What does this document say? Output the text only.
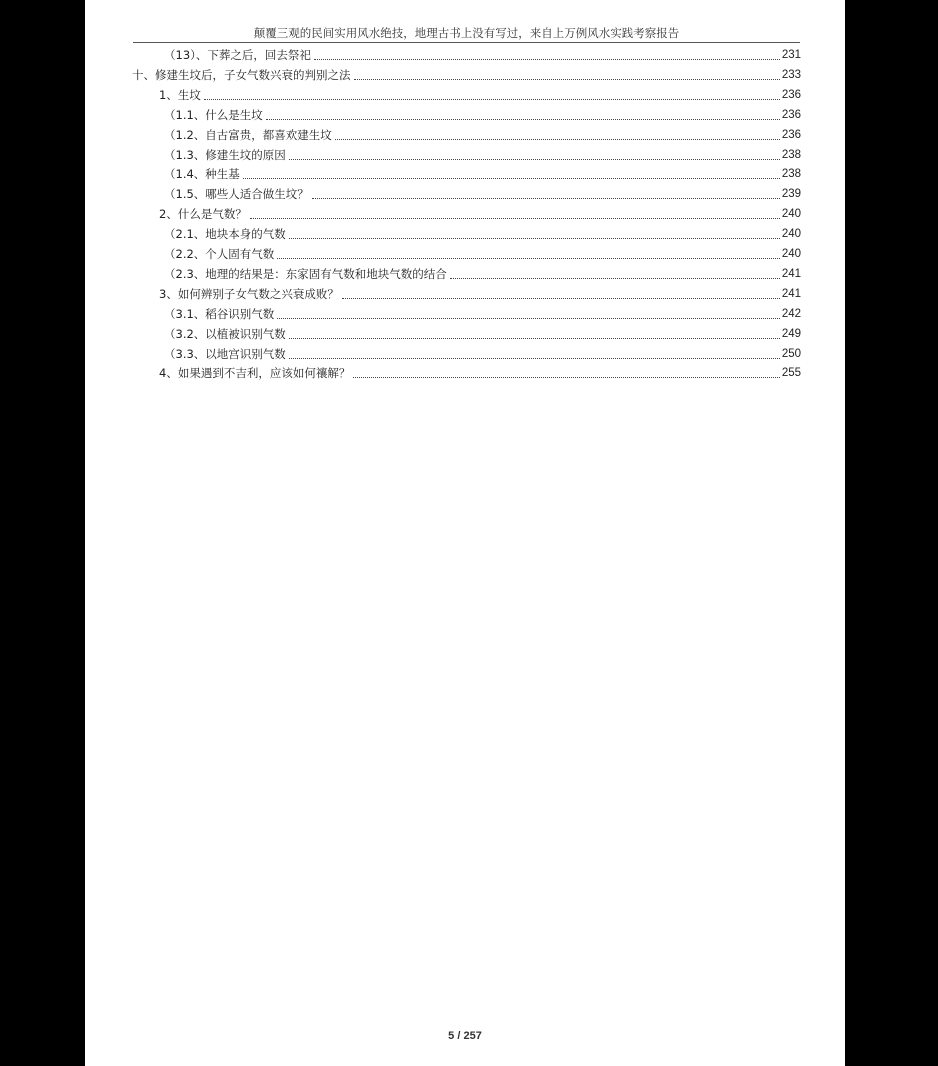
颠覆三观的民间实用风水绝技，地理古书上没有写过，来自上万例风水实践考察报告
（13）、下葬之后，回去祭祀	231
十、修建生坟后，子女气数兴衰的判别之法	233
1、生坟	236
（1.1、什么是生坟	236
（1.2、自古富贵，都喜欢建生坟	236
（1.3、修建生坟的原因	238
（1.4、种生基	238
（1.5、哪些人适合做生坟？	239
2、什么是气数？	240
（2.1、地块本身的气数	240
（2.2、个人固有气数	240
（2.3、地理的结果是：东家固有气数和地块气数的结合	241
3、如何辨别子女气数之兴衰成败？	241
（3.1、稻谷识别气数	242
（3.2、以植被识别气数	249
（3.3、以地宫识别气数	250
4、如果遇到不吉利，应该如何禳解？	255
5 / 257
